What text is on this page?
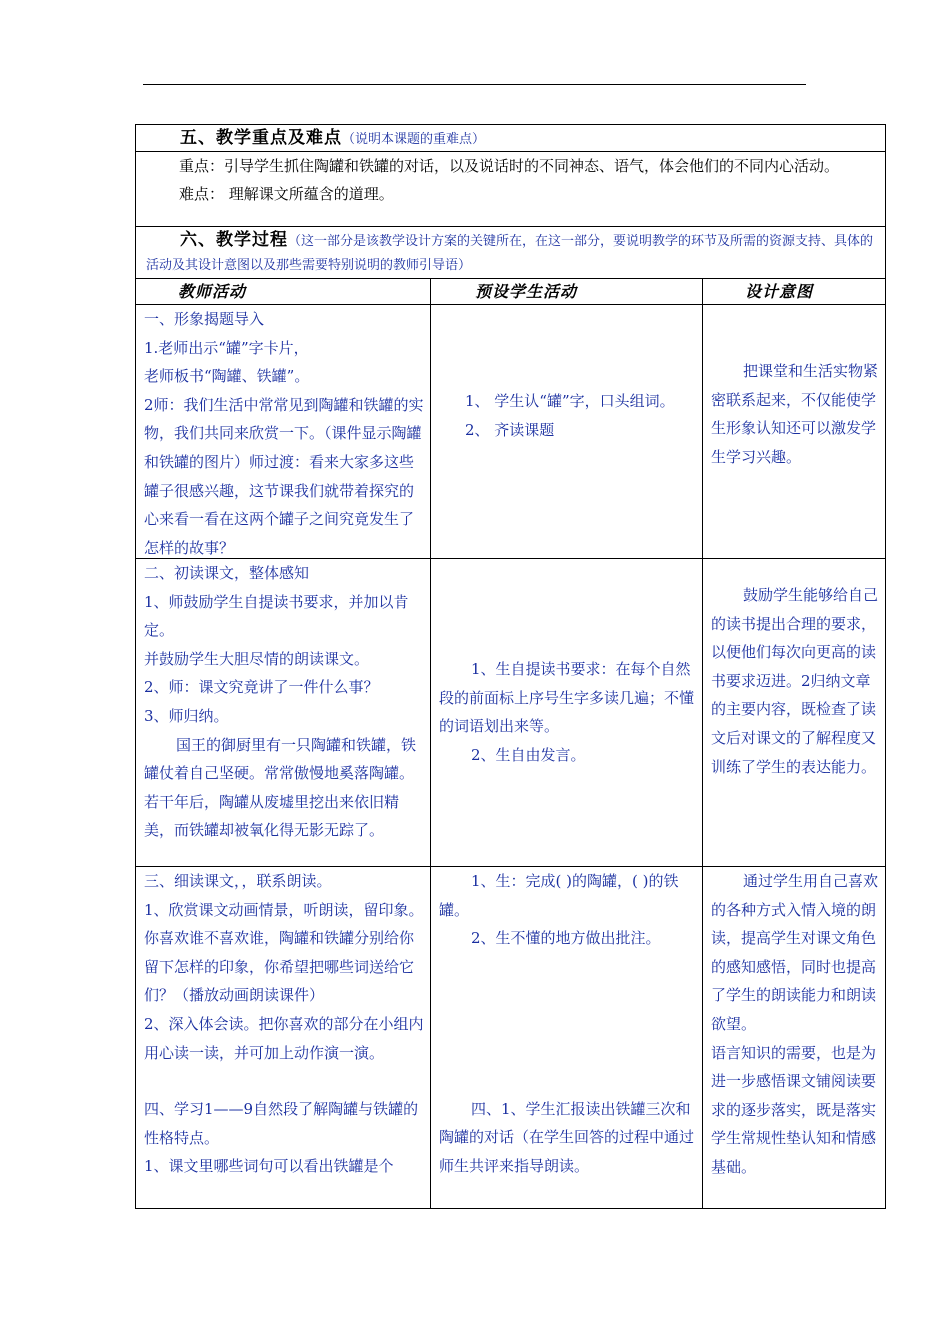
五、教学重点及难点（说明本课题的重难点）
重点：引导学生抓住陶罐和铁罐的对话，以及说话时的不同神态、语气，体会他们的不同内心活动。
难点： 理解课文所蕴含的道理。
六、教学过程（这一部分是该教学设计方案的关键所在，在这一部分，要说明教学的环节及所需的资源支持、具体的活动及其设计意图以及那些需要特别说明的教师引导语）
教师活动	预设学生活动	设计意图

一、形象揭题导入

1.老师出示“罐”字卡片，

老师板书“陶罐、铁罐”。

2师：我们生活中常常见到陶罐和铁罐的实物，我们共同来欣赏一下。（课件显示陶罐和铁罐的图片）师过渡：看来大家多这些罐子很感兴趣，这节课我们就带着探究的心来看一看在这两个罐子之间究竟发生了怎样的故事？

1、 学生认“罐”字，口头组词。

2、 齐读课题

把课堂和生活实物紧密联系起来，不仅能使学生形象认知还可以激发学生学习兴趣。

二、初读课文，整体感知

1、师鼓励学生自提读书要求，并加以肯定。

并鼓励学生大胆尽情的朗读课文。

2、师：课文究竟讲了一件什么事？

3、师归纳。

国王的御厨里有一只陶罐和铁罐，铁罐仗着自己坚硬。常常傲慢地奚落陶罐。若干年后，陶罐从废墟里挖出来依旧精美，而铁罐却被氧化得无影无踪了。

1、生自提读书要求：在每个自然段的前面标上序号生字多读几遍；不懂的词语划出来等。

2、生自由发言。

鼓励学生能够给自己的读书提出合理的要求，以便他们每次向更高的读书要求迈进。2归纳文章的主要内容，既检查了读文后对课文的了解程度又训练了学生的表达能力。

三、细读课文，，联系朗读。

1、欣赏课文动画情景，听朗读，留印象。你喜欢谁不喜欢谁，陶罐和铁罐分别给你留下怎样的印象，你希望把哪些词送给它们？（播放动画朗读课件）

2、深入体会读。把你喜欢的部分在小组内用心读一读，并可加上动作演一演。

四、学习1——9自然段了解陶罐与铁罐的性格特点。

1、课文里哪些词句可以看出铁罐是个

1、生：完成( )的陶罐，( )的铁罐。

2、生不懂的地方做出批注。

四、1、学生汇报读出铁罐三次和陶罐的对话（在学生回答的过程中通过师生共评来指导朗读。

通过学生用自己喜欢的各种方式入情入境的朗读，提高学生对课文角色的感知感悟，同时也提高了学生的朗读能力和朗读欲望。

语言知识的需要，也是为进一步感悟课文铺阅读要求的逐步落实，既是落实学生常规性垫认知和情感基础。
